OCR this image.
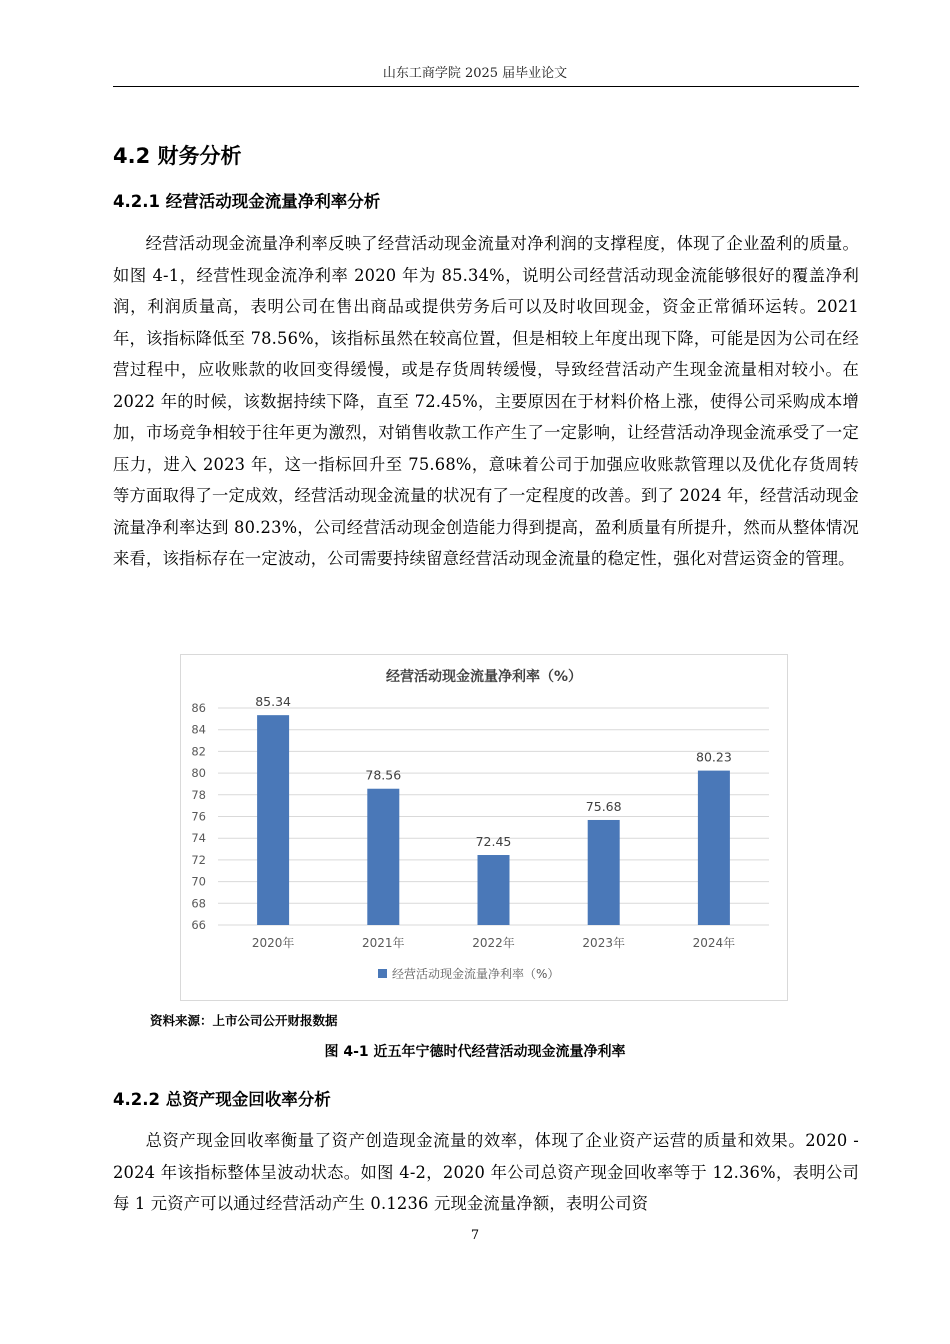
山东工商学院 2025 届毕业论文
4.2 财务分析
4.2.1 经营活动现金流量净利率分析

经营活动现金流量净利率反映了经营活动现金流量对净利润的支撑程度，体现了企业盈利的质量。如图 4-1，经营性现金流净利率 2020 年为 85.34%，说明公司经营活动现金流能够很好的覆盖净利润，利润质量高，表明公司在售出商品或提供劳务后可以及时收回现金，资金正常循环运转。2021 年，该指标降低至 78.56%，该指标虽然在较高位置，但是相较上年度出现下降，可能是因为公司在经营过程中，应收账款的收回变得缓慢，或是存货周转缓慢，导致经营活动产生现金流量相对较小。在 2022 年的时候，该数据持续下降，直至 72.45%，主要原因在于材料价格上涨，使得公司采购成本增加，市场竞争相较于往年更为激烈，对销售收款工作产生了一定影响，让经营活动净现金流承受了一定压力，进入 2023 年，这一指标回升至 75.68%，意味着公司于加强应收账款管理以及优化存货周转等方面取得了一定成效，经营活动现金流量的状况有了一定程度的改善。到了 2024 年，经营活动现金流量净利率达到 80.23%，公司经营活动现金创造能力得到提高，盈利质量有所提升，然而从整体情况来看，该指标存在一定波动，公司需要持续留意经营活动现金流量的稳定性，强化对营运资金的管理。

经营活动现金流量净利率（%）
66
68
70
72
74
76
78
80
82
84
86	85.34
2020年
78.56
2021年
72.45
2022年
75.68
2023年
80.23
2024年
经营活动现金流量净利率（%）
资料来源：上市公司公开财报数据
图 4-1 近五年宁德时代经营活动现金流量净利率
4.2.2 总资产现金回收率分析

总资产现金回收率衡量了资产创造现金流量的效率，体现了企业资产运营的质量和效果。2020 - 2024 年该指标整体呈波动状态。如图 4-2，2020 年公司总资产现金回收率等于 12.36%，表明公司每 1 元资产可以通过经营活动产生 0.1236 元现金流量净额，表明公司资

7
